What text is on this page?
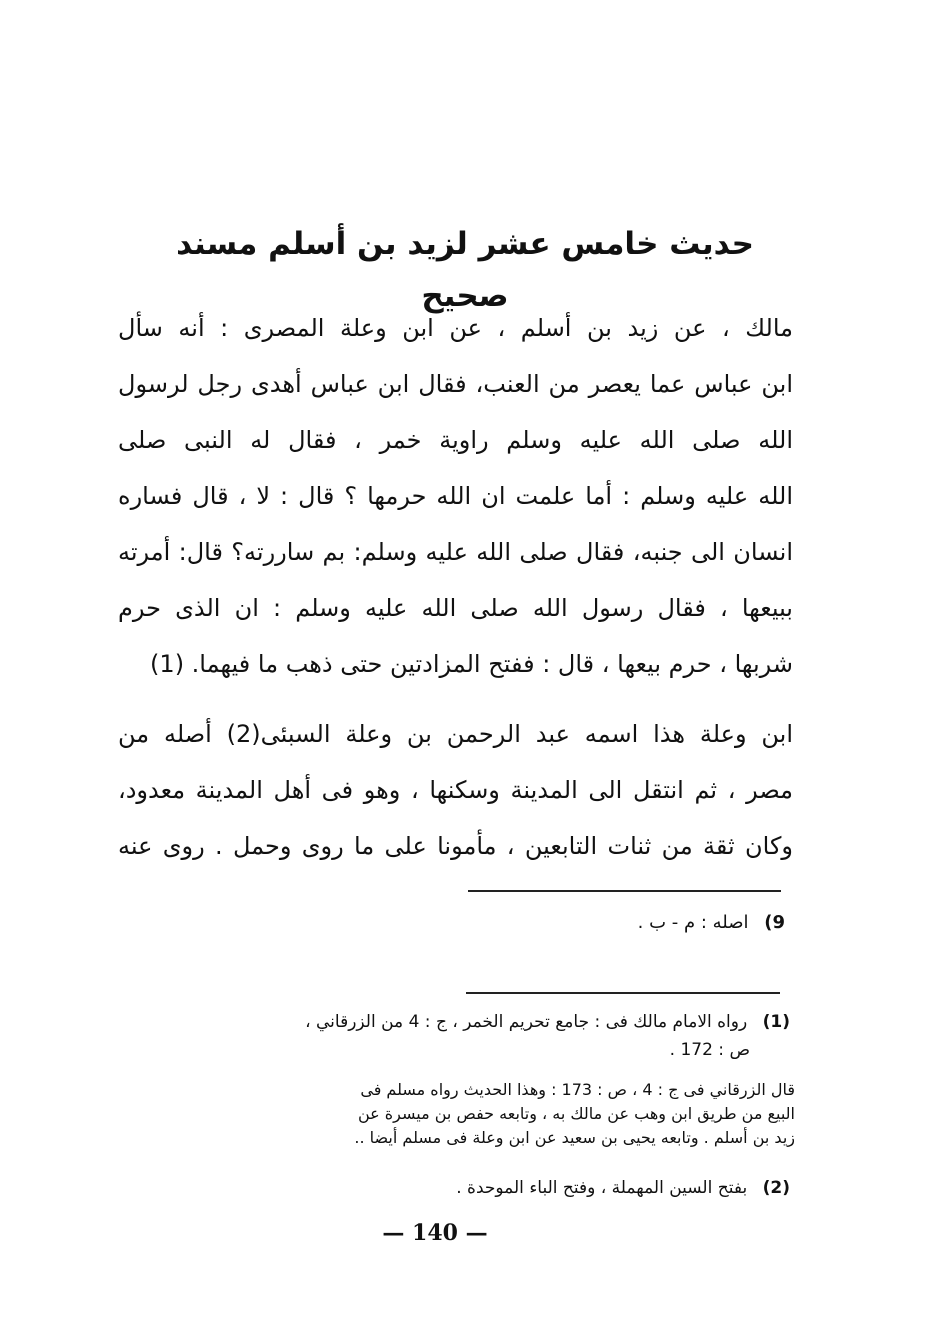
حديث خامس عشر لزيد بن أسلم مسند صحيح
مالك ، عن زيد بن أسلم ، عن ابن وعلة المصرى : أنه سأل
ابن عباس عما يعصر من العنب، فقال ابن عباس أهدى رجل لرسول
الله صلى الله عليه وسلم راوية خمر ، فقال له النبى صلى
الله عليه وسلم : أما علمت ان الله حرمها ؟ قال : لا ، قال فساره
انسان الى جنبه، فقال صلى الله عليه وسلم: بم ساررته؟ قال: أمرته
ببيعها ، فقال رسول الله صلى الله عليه وسلم : ان الذى حرم
شربها ، حرم بيعها ، قال : ففتح المزادتين حتى ذهب ما فيهما. (1)
ابن وعلة هذا اسمه عبد الرحمن بن وعلة السبئى(2) أصله من
مصر ، ثم انتقل الى المدينة وسكنها ، وهو فى أهل المدينة معدود،
وكان ثقة من ثنات التابعين ، مأمونا على ما روى وحمل . روى عنه
9) اصله : م - ب .
(1) رواه الامام مالك فى : جامع تحريم الخمر ، ج : 4 من الزرقاني ،
ص : 172 .
قال الزرقاني فى ج : 4 ، ص : 173 : وهذا الحديث رواه مسلم فى
البيع من طريق ابن وهب عن مالك به ، وتابعه حفص بن ميسرة عن
زيد بن أسلم . وتابعه يحيى بن سعيد عن ابن وعلة فى مسلم أيضا ..
(2) بفتح السين المهملة ، وفتح الباء الموحدة .
— 140 —
